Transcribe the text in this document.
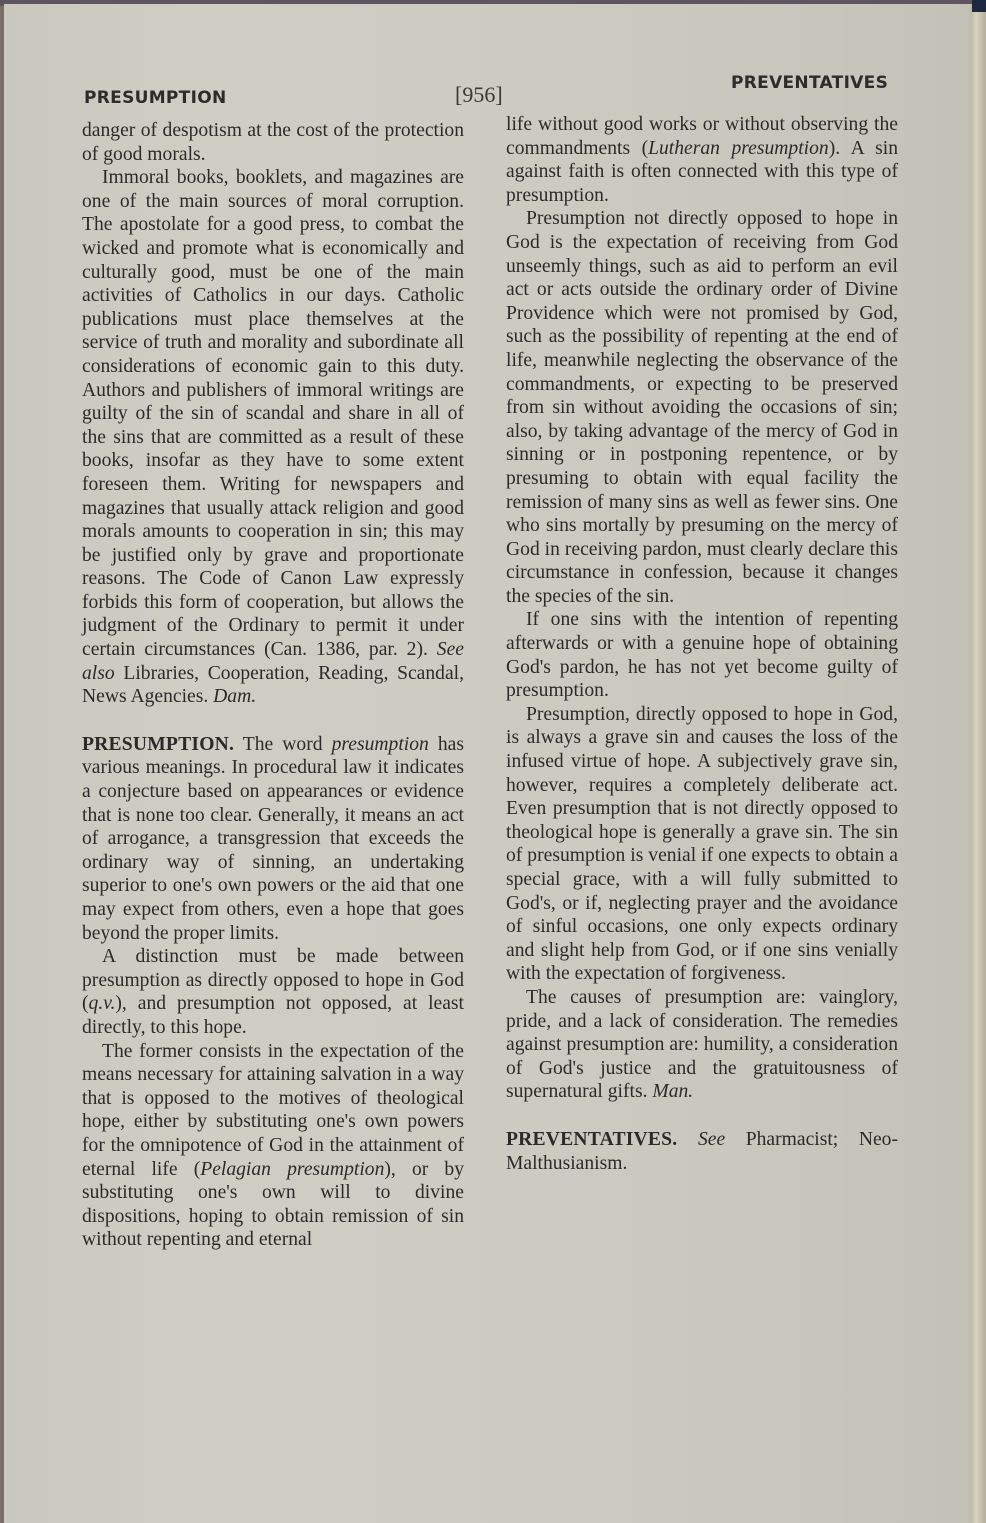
PRESUMPTION	[956]	PREVENTATIVES

danger of despotism at the cost of the protection of good morals.

Immoral books, booklets, and magazines are one of the main sources of moral corruption. The apostolate for a good press, to combat the wicked and promote what is economically and culturally good, must be one of the main activities of Catholics in our days. Catholic publications must place themselves at the service of truth and morality and subordinate all considerations of economic gain to this duty. Authors and publishers of immoral writings are guilty of the sin of scandal and share in all of the sins that are committed as a result of these books, insofar as they have to some extent foreseen them. Writing for newspapers and magazines that usually attack religion and good morals amounts to cooperation in sin; this may be justified only by grave and proportionate reasons. The Code of Canon Law expressly forbids this form of cooperation, but allows the judgment of the Ordinary to permit it under certain circumstances (Can. 1386, par. 2). See also Libraries, Cooperation, Reading, Scandal, News Agencies. Dam.

PRESUMPTION. The word presumption has various meanings. In procedural law it indicates a conjecture based on appearances or evidence that is none too clear. Generally, it means an act of arrogance, a transgression that exceeds the ordinary way of sinning, an undertaking superior to one's own powers or the aid that one may expect from others, even a hope that goes beyond the proper limits.

A distinction must be made between presumption as directly opposed to hope in God (q.v.), and presumption not opposed, at least directly, to this hope.

The former consists in the expectation of the means necessary for attaining salvation in a way that is opposed to the motives of theological hope, either by substituting one's own powers for the omnipotence of God in the attainment of eternal life (Pelagian presumption), or by substituting one's own will to divine dispositions, hoping to obtain remission of sin without repenting and eternal

life without good works or without observing the commandments (Lutheran presumption). A sin against faith is often connected with this type of presumption.

Presumption not directly opposed to hope in God is the expectation of receiving from God unseemly things, such as aid to perform an evil act or acts outside the ordinary order of Divine Providence which were not promised by God, such as the possibility of repenting at the end of life, meanwhile neglecting the observance of the commandments, or expecting to be preserved from sin without avoiding the occasions of sin; also, by taking advantage of the mercy of God in sinning or in postponing repentence, or by presuming to obtain with equal facility the remission of many sins as well as fewer sins. One who sins mortally by presuming on the mercy of God in receiving pardon, must clearly declare this circumstance in confession, because it changes the species of the sin.

If one sins with the intention of repenting afterwards or with a genuine hope of obtaining God's pardon, he has not yet become guilty of presumption.

Presumption, directly opposed to hope in God, is always a grave sin and causes the loss of the infused virtue of hope. A subjectively grave sin, however, requires a completely deliberate act. Even presumption that is not directly opposed to theological hope is generally a grave sin. The sin of presumption is venial if one expects to obtain a special grace, with a will fully submitted to God's, or if, neglecting prayer and the avoidance of sinful occasions, one only expects ordinary and slight help from God, or if one sins venially with the expectation of forgiveness.

The causes of presumption are: vainglory, pride, and a lack of consideration. The remedies against presumption are: humility, a consideration of God's justice and the gratuitousness of supernatural gifts. Man.

PREVENTATIVES. See Pharmacist; Neo-Malthusianism.
